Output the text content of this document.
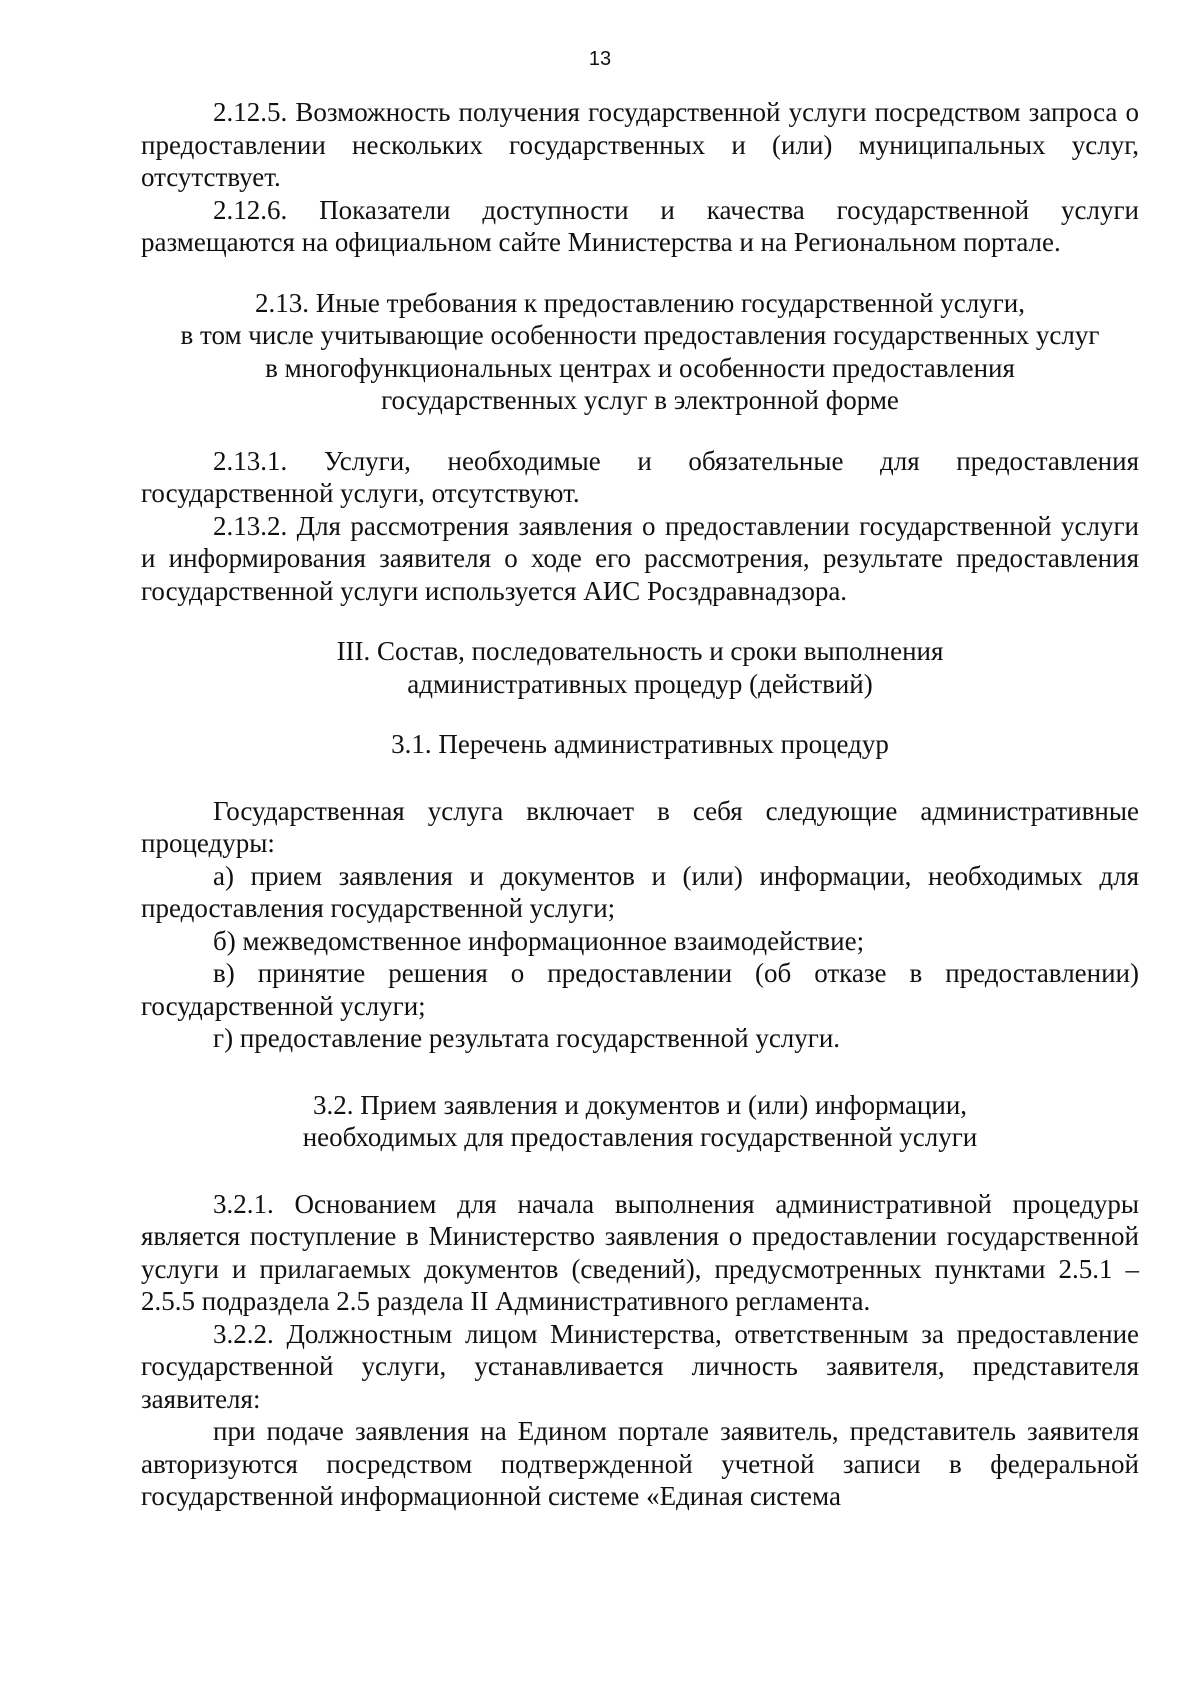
13

2.12.5. Возможность получения государственной услуги посредством запроса о предоставлении нескольких государственных и (или) муниципальных услуг, отсутствует.

2.12.6. Показатели доступности и качества государственной услуги размещаются на официальном сайте Министерства и на Региональном портале.

2.13. Иные требования к предоставлению государственной услуги,
в том числе учитывающие особенности предоставления государственных услуг
в многофункциональных центрах и особенности предоставления
государственных услуг в электронной форме

2.13.1. Услуги, необходимые и обязательные для предоставления государственной услуги, отсутствуют.

2.13.2. Для рассмотрения заявления о предоставлении государственной услуги и информирования заявителя о ходе его рассмотрения, результате предоставления государственной услуги используется АИС Росздравнадзора.

III. Состав, последовательность и сроки выполнения
административных процедур (действий)
3.1. Перечень административных процедур

Государственная услуга включает в себя следующие административные процедуры:

а) прием заявления и документов и (или) информации, необходимых для предоставления государственной услуги;

б) межведомственное информационное взаимодействие;

в) принятие решения о предоставлении (об отказе в предоставлении) государственной услуги;

г) предоставление результата государственной услуги.

3.2. Прием заявления и документов и (или) информации,
необходимых для предоставления государственной услуги

3.2.1. Основанием для начала выполнения административной процедуры является поступление в Министерство заявления о предоставлении государственной услуги и прилагаемых документов (сведений), предусмотренных пунктами 2.5.1 – 2.5.5 подраздела 2.5 раздела II Административного регламента.

3.2.2. Должностным лицом Министерства, ответственным за предоставление государственной услуги, устанавливается личность заявителя, представителя заявителя:

при подаче заявления на Едином портале заявитель, представитель заявителя авторизуются посредством подтвержденной учетной записи в федеральной государственной информационной системе «Единая система
